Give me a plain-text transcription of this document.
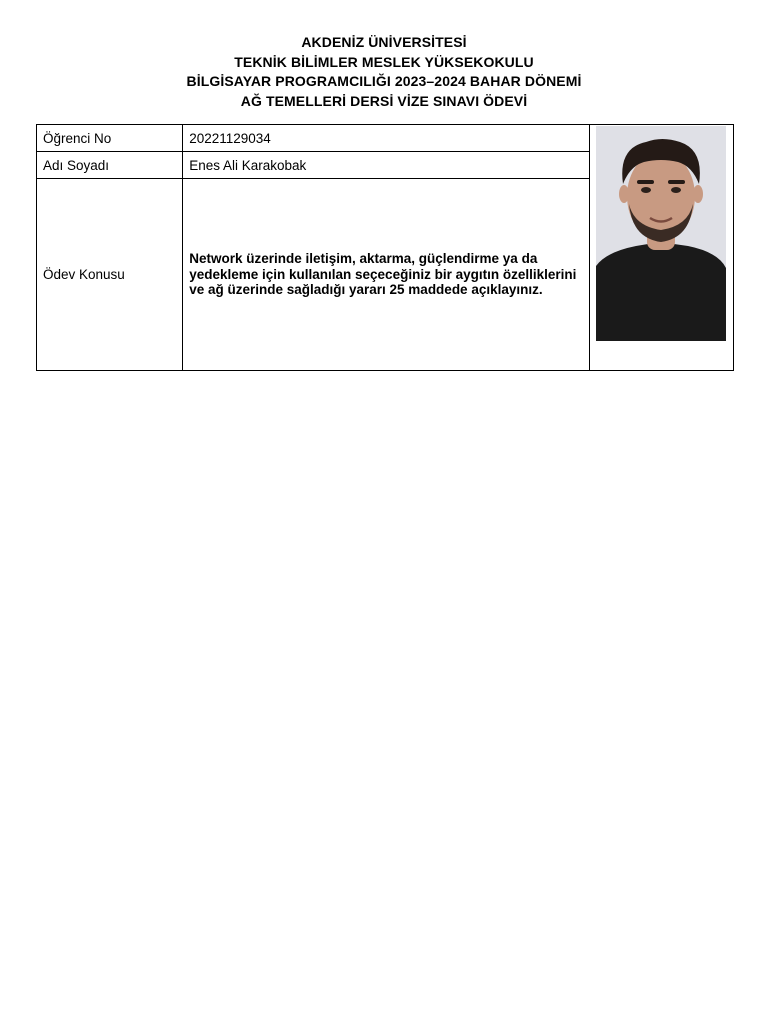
AKDENİZ ÜNİVERSİTESİ
TEKNİK BİLİMLER MESLEK YÜKSEKOKULU
BİLGİSAYAR PROGRAMCILIĞI 2023–2024 BAHAR DÖNEMİ
AĞ TEMELLERİ DERSİ VİZE SINAVI ÖDEVİ
Öğrenci No	20221129034	

Adı Soyadı	Enes Ali Karakobak	
Ödev Konusu	Network üzerinde iletişim, aktarma, güçlendirme ya da yedekleme için kullanılan seçeceğiniz bir aygıtın özelliklerini ve ağ üzerinde sağladığı yararı 25 maddede açıklayınız.	
